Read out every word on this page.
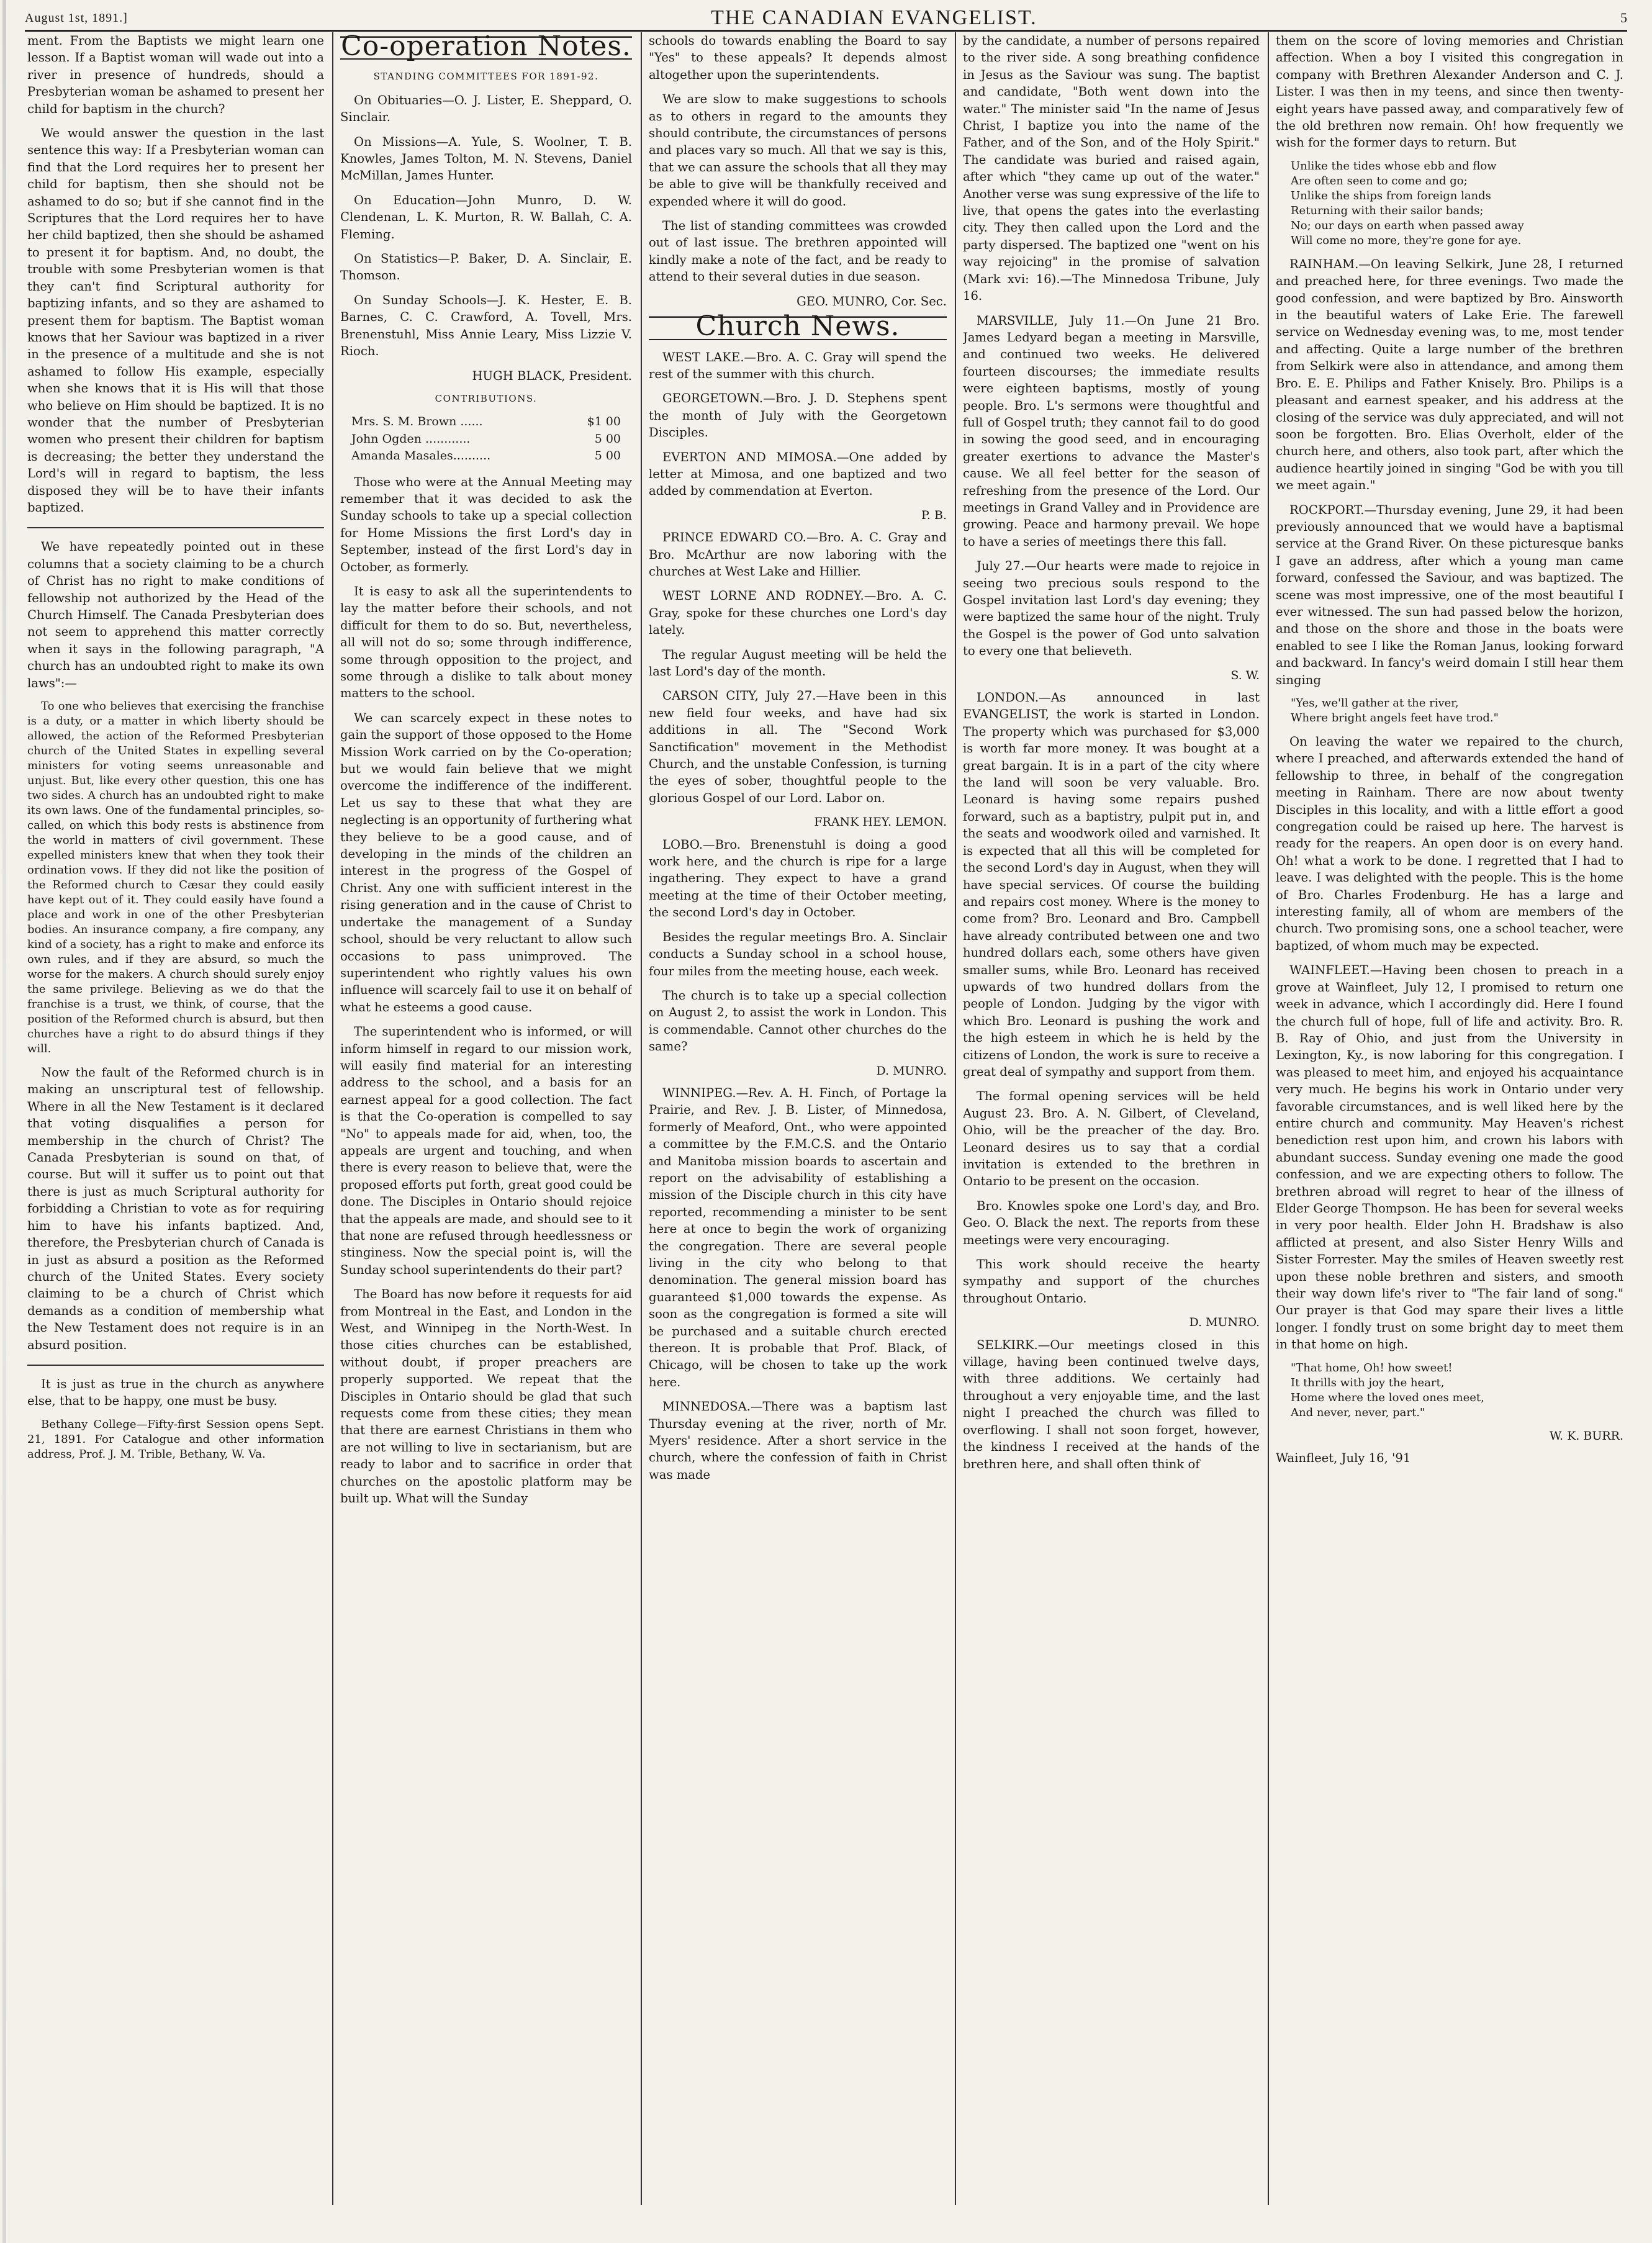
August 1st, 1891.]	THE CANADIAN EVANGELIST.	5

ment. From the Baptists we might learn one lesson. If a Baptist woman will wade out into a river in presence of hundreds, should a Presbyterian woman be ashamed to present her child for baptism in the church?

We would answer the question in the last sentence this way: If a Presbyterian woman can find that the Lord requires her to present her child for baptism, then she should not be ashamed to do so; but if she cannot find in the Scriptures that the Lord requires her to have her child baptized, then she should be ashamed to present it for baptism. And, no doubt, the trouble with some Presbyterian women is that they can't find Scriptural authority for baptizing infants, and so they are ashamed to present them for baptism. The Baptist woman knows that her Saviour was baptized in a river in the presence of a multitude and she is not ashamed to follow His example, especially when she knows that it is His will that those who believe on Him should be baptized. It is no wonder that the number of Presbyterian women who present their children for baptism is decreasing; the better they understand the Lord's will in regard to baptism, the less disposed they will be to have their infants baptized.

We have repeatedly pointed out in these columns that a society claiming to be a church of Christ has no right to make conditions of fellowship not authorized by the Head of the Church Himself. The Canada Presbyterian does not seem to apprehend this matter correctly when it says in the following paragraph, "A church has an undoubted right to make its own laws":—

To one who believes that exercising the franchise is a duty, or a matter in which liberty should be allowed, the action of the Reformed Presbyterian church of the United States in expelling several ministers for voting seems unreasonable and unjust. But, like every other question, this one has two sides. A church has an undoubted right to make its own laws. One of the fundamental principles, so-called, on which this body rests is abstinence from the world in matters of civil government. These expelled ministers knew that when they took their ordination vows. If they did not like the position of the Reformed church to Cæsar they could easily have kept out of it. They could easily have found a place and work in one of the other Presbyterian bodies. An insurance company, a fire company, any kind of a society, has a right to make and enforce its own rules, and if they are absurd, so much the worse for the makers. A church should surely enjoy the same privilege. Believing as we do that the franchise is a trust, we think, of course, that the position of the Reformed church is absurd, but then churches have a right to do absurd things if they will.

Now the fault of the Reformed church is in making an unscriptural test of fellowship. Where in all the New Testament is it declared that voting disqualifies a person for membership in the church of Christ? The Canada Presbyterian is sound on that, of course. But will it suffer us to point out that there is just as much Scriptural authority for forbidding a Christian to vote as for requiring him to have his infants baptized. And, therefore, the Presbyterian church of Canada is in just as absurd a position as the Reformed church of the United States. Every society claiming to be a church of Christ which demands as a condition of membership what the New Testament does not require is in an absurd position.

It is just as true in the church as anywhere else, that to be happy, one must be busy.

Bethany College—Fifty-first Session opens Sept. 21, 1891. For Catalogue and other information address, Prof. J. M. Trible, Bethany, W. Va.

Co-operation Notes.
STANDING COMMITTEES FOR 1891-92.

On Obituaries—O. J. Lister, E. Sheppard, O. Sinclair.

On Missions—A. Yule, S. Woolner, T. B. Knowles, James Tolton, M. N. Stevens, Daniel McMillan, James Hunter.

On Education—John Munro, D. W. Clendenan, L. K. Murton, R. W. Ballah, C. A. Fleming.

On Statistics—P. Baker, D. A. Sinclair, E. Thomson.

On Sunday Schools—J. K. Hester, E. B. Barnes, C. C. Crawford, A. Tovell, Mrs. Brenenstuhl, Miss Annie Leary, Miss Lizzie V. Rioch.

HUGH BLACK, President.
CONTRIBUTIONS.
Mrs. S. M. Brown ......	$1 00
John Ogden ............	5 00
Amanda Masales..........	5 00

Those who were at the Annual Meeting may remember that it was decided to ask the Sunday schools to take up a special collection for Home Missions the first Lord's day in September, instead of the first Lord's day in October, as formerly.

It is easy to ask all the superintendents to lay the matter before their schools, and not difficult for them to do so. But, nevertheless, all will not do so; some through indifference, some through opposition to the project, and some through a dislike to talk about money matters to the school.

We can scarcely expect in these notes to gain the support of those opposed to the Home Mission Work carried on by the Co-operation; but we would fain believe that we might overcome the indifference of the indifferent. Let us say to these that what they are neglecting is an opportunity of furthering what they believe to be a good cause, and of developing in the minds of the children an interest in the progress of the Gospel of Christ. Any one with sufficient interest in the rising generation and in the cause of Christ to undertake the management of a Sunday school, should be very reluctant to allow such occasions to pass unimproved. The superintendent who rightly values his own influence will scarcely fail to use it on behalf of what he esteems a good cause.

The superintendent who is informed, or will inform himself in regard to our mission work, will easily find material for an interesting address to the school, and a basis for an earnest appeal for a good collection. The fact is that the Co-operation is compelled to say "No" to appeals made for aid, when, too, the appeals are urgent and touching, and when there is every reason to believe that, were the proposed efforts put forth, great good could be done. The Disciples in Ontario should rejoice that the appeals are made, and should see to it that none are refused through heedlessness or stinginess. Now the special point is, will the Sunday school superintendents do their part?

The Board has now before it requests for aid from Montreal in the East, and London in the West, and Winnipeg in the North-West. In those cities churches can be established, without doubt, if proper preachers are properly supported. We repeat that the Disciples in Ontario should be glad that such requests come from these cities; they mean that there are earnest Christians in them who are not willing to live in sectarianism, but are ready to labor and to sacrifice in order that churches on the apostolic platform may be built up. What will the Sunday

schools do towards enabling the Board to say "Yes" to these appeals? It depends almost altogether upon the superintendents.

We are slow to make suggestions to schools as to others in regard to the amounts they should contribute, the circumstances of persons and places vary so much. All that we say is this, that we can assure the schools that all they may be able to give will be thankfully received and expended where it will do good.

The list of standing committees was crowded out of last issue. The brethren appointed will kindly make a note of the fact, and be ready to attend to their several duties in due season.

GEO. MUNRO, Cor. Sec.
Church News.

WEST LAKE.—Bro. A. C. Gray will spend the rest of the summer with this church.

GEORGETOWN.—Bro. J. D. Stephens spent the month of July with the Georgetown Disciples.

EVERTON AND MIMOSA.—One added by letter at Mimosa, and one baptized and two added by commendation at Everton.

P. B.

PRINCE EDWARD CO.—Bro. A. C. Gray and Bro. McArthur are now laboring with the churches at West Lake and Hillier.

WEST LORNE AND RODNEY.—Bro. A. C. Gray, spoke for these churches one Lord's day lately.

The regular August meeting will be held the last Lord's day of the month.

CARSON CITY, July 27.—Have been in this new field four weeks, and have had six additions in all. The "Second Work Sanctification" movement in the Methodist Church, and the unstable Confession, is turning the eyes of sober, thoughtful people to the glorious Gospel of our Lord. Labor on.

FRANK HEY. LEMON.

LOBO.—Bro. Brenenstuhl is doing a good work here, and the church is ripe for a large ingathering. They expect to have a grand meeting at the time of their October meeting, the second Lord's day in October.

Besides the regular meetings Bro. A. Sinclair conducts a Sunday school in a school house, four miles from the meeting house, each week.

The church is to take up a special collection on August 2, to assist the work in London. This is commendable. Cannot other churches do the same?

D. MUNRO.

WINNIPEG.—Rev. A. H. Finch, of Portage la Prairie, and Rev. J. B. Lister, of Minnedosa, formerly of Meaford, Ont., who were appointed a committee by the F.M.C.S. and the Ontario and Manitoba mission boards to ascertain and report on the advisability of establishing a mission of the Disciple church in this city have reported, recommending a minister to be sent here at once to begin the work of organizing the congregation. There are several people living in the city who belong to that denomination. The general mission board has guaranteed $1,000 towards the expense. As soon as the congregation is formed a site will be purchased and a suitable church erected thereon. It is probable that Prof. Black, of Chicago, will be chosen to take up the work here.

MINNEDOSA.—There was a baptism last Thursday evening at the river, north of Mr. Myers' residence. After a short service in the church, where the confession of faith in Christ was made

by the candidate, a number of persons repaired to the river side. A song breathing confidence in Jesus as the Saviour was sung. The baptist and candidate, "Both went down into the water." The minister said "In the name of Jesus Christ, I baptize you into the name of the Father, and of the Son, and of the Holy Spirit." The candidate was buried and raised again, after which "they came up out of the water." Another verse was sung expressive of the life to live, that opens the gates into the everlasting city. They then called upon the Lord and the party dispersed. The baptized one "went on his way rejoicing" in the promise of salvation (Mark xvi: 16).—The Minnedosa Tribune, July 16.

MARSVILLE, July 11.—On June 21 Bro. James Ledyard began a meeting in Marsville, and continued two weeks. He delivered fourteen discourses; the immediate results were eighteen baptisms, mostly of young people. Bro. L's sermons were thoughtful and full of Gospel truth; they cannot fail to do good in sowing the good seed, and in encouraging greater exertions to advance the Master's cause. We all feel better for the season of refreshing from the presence of the Lord. Our meetings in Grand Valley and in Providence are growing. Peace and harmony prevail. We hope to have a series of meetings there this fall.

July 27.—Our hearts were made to rejoice in seeing two precious souls respond to the Gospel invitation last Lord's day evening; they were baptized the same hour of the night. Truly the Gospel is the power of God unto salvation to every one that believeth.

S. W.

LONDON.—As announced in last EVANGELIST, the work is started in London. The property which was purchased for $3,000 is worth far more money. It was bought at a great bargain. It is in a part of the city where the land will soon be very valuable. Bro. Leonard is having some repairs pushed forward, such as a baptistry, pulpit put in, and the seats and woodwork oiled and varnished. It is expected that all this will be completed for the second Lord's day in August, when they will have special services. Of course the building and repairs cost money. Where is the money to come from? Bro. Leonard and Bro. Campbell have already contributed between one and two hundred dollars each, some others have given smaller sums, while Bro. Leonard has received upwards of two hundred dollars from the people of London. Judging by the vigor with which Bro. Leonard is pushing the work and the high esteem in which he is held by the citizens of London, the work is sure to receive a great deal of sympathy and support from them.

The formal opening services will be held August 23. Bro. A. N. Gilbert, of Cleveland, Ohio, will be the preacher of the day. Bro. Leonard desires us to say that a cordial invitation is extended to the brethren in Ontario to be present on the occasion.

Bro. Knowles spoke one Lord's day, and Bro. Geo. O. Black the next. The reports from these meetings were very encouraging.

This work should receive the hearty sympathy and support of the churches throughout Ontario.

D. MUNRO.

SELKIRK.—Our meetings closed in this village, having been continued twelve days, with three additions. We certainly had throughout a very enjoyable time, and the last night I preached the church was filled to overflowing. I shall not soon forget, however, the kindness I received at the hands of the brethren here, and shall often think of

them on the score of loving memories and Christian affection. When a boy I visited this congregation in company with Brethren Alexander Anderson and C. J. Lister. I was then in my teens, and since then twenty-eight years have passed away, and comparatively few of the old brethren now remain. Oh! how frequently we wish for the former days to return. But

Unlike the tides whose ebb and flow
Are often seen to come and go;
Unlike the ships from foreign lands
Returning with their sailor bands;
No; our days on earth when passed away
Will come no more, they're gone for aye.

RAINHAM.—On leaving Selkirk, June 28, I returned and preached here, for three evenings. Two made the good confession, and were baptized by Bro. Ainsworth in the beautiful waters of Lake Erie. The farewell service on Wednesday evening was, to me, most tender and affecting. Quite a large number of the brethren from Selkirk were also in attendance, and among them Bro. E. E. Philips and Father Knisely. Bro. Philips is a pleasant and earnest speaker, and his address at the closing of the service was duly appreciated, and will not soon be forgotten. Bro. Elias Overholt, elder of the church here, and others, also took part, after which the audience heartily joined in singing "God be with you till we meet again."

ROCKPORT.—Thursday evening, June 29, it had been previously announced that we would have a baptismal service at the Grand River. On these picturesque banks I gave an address, after which a young man came forward, confessed the Saviour, and was baptized. The scene was most impressive, one of the most beautiful I ever witnessed. The sun had passed below the horizon, and those on the shore and those in the boats were enabled to see I like the Roman Janus, looking forward and backward. In fancy's weird domain I still hear them singing

"Yes, we'll gather at the river,
Where bright angels feet have trod."

On leaving the water we repaired to the church, where I preached, and afterwards extended the hand of fellowship to three, in behalf of the congregation meeting in Rainham. There are now about twenty Disciples in this locality, and with a little effort a good congregation could be raised up here. The harvest is ready for the reapers. An open door is on every hand. Oh! what a work to be done. I regretted that I had to leave. I was delighted with the people. This is the home of Bro. Charles Frodenburg. He has a large and interesting family, all of whom are members of the church. Two promising sons, one a school teacher, were baptized, of whom much may be expected.

WAINFLEET.—Having been chosen to preach in a grove at Wainfleet, July 12, I promised to return one week in advance, which I accordingly did. Here I found the church full of hope, full of life and activity. Bro. R. B. Ray of Ohio, and just from the University in Lexington, Ky., is now laboring for this congregation. I was pleased to meet him, and enjoyed his acquaintance very much. He begins his work in Ontario under very favorable circumstances, and is well liked here by the entire church and community. May Heaven's richest benediction rest upon him, and crown his labors with abundant success. Sunday evening one made the good confession, and we are expecting others to follow. The brethren abroad will regret to hear of the illness of Elder George Thompson. He has been for several weeks in very poor health. Elder John H. Bradshaw is also afflicted at present, and also Sister Henry Wills and Sister Forrester. May the smiles of Heaven sweetly rest upon these noble brethren and sisters, and smooth their way down life's river to "The fair land of song." Our prayer is that God may spare their lives a little longer. I fondly trust on some bright day to meet them in that home on high.

"That home, Oh! how sweet!
It thrills with joy the heart,
Home where the loved ones meet,
And never, never, part."
W. K. BURR.

Wainfleet, July 16, '91
